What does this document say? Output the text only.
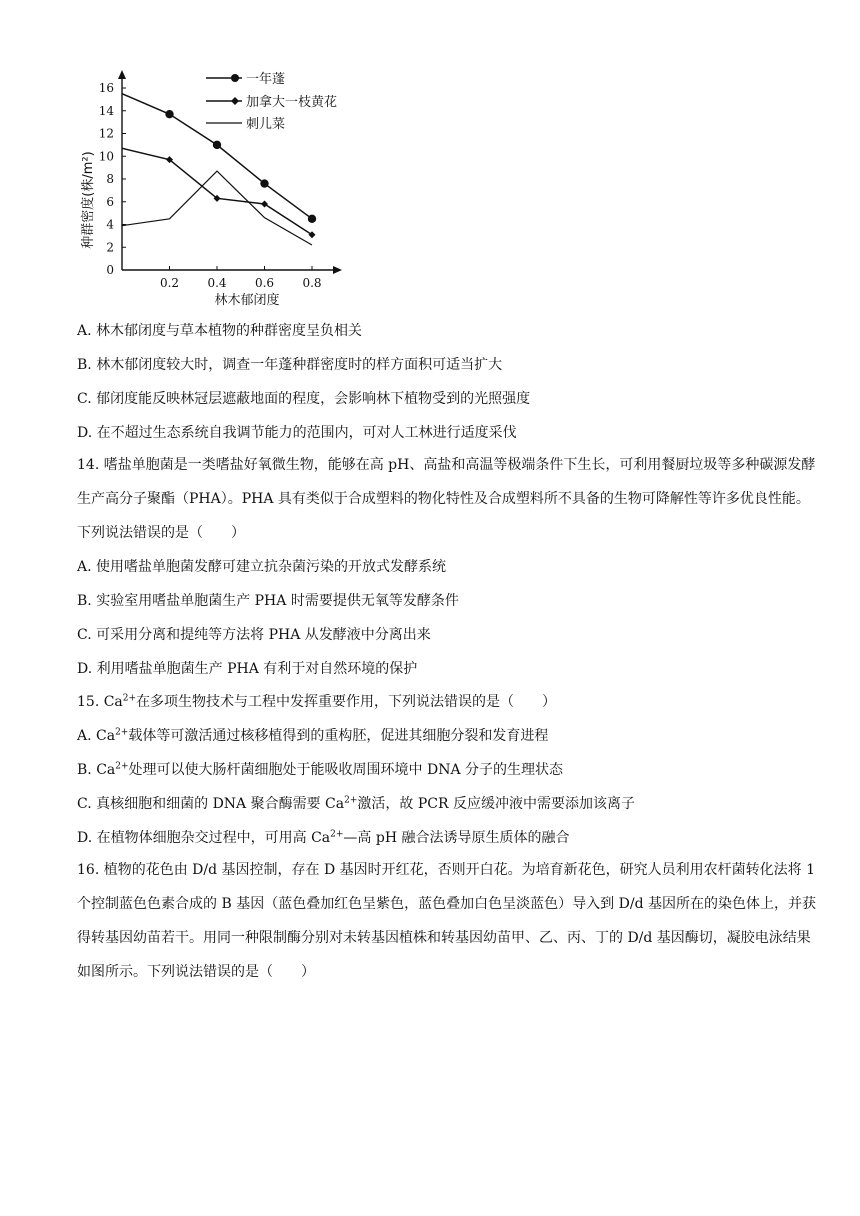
0
2
4
6
8
10
12
14
16
0.2 0.4 0.6 0.8
种群密度(株/m²)
林木郁闭度
一年蓬
加拿大一枝黄花
刺儿菜
A. 林木郁闭度与草本植物的种群密度呈负相关
B. 林木郁闭度较大时，调查一年蓬种群密度时的样方面积可适当扩大
C. 郁闭度能反映林冠层遮蔽地面的程度，会影响林下植物受到的光照强度
D. 在不超过生态系统自我调节能力的范围内，可对人工林进行适度采伐

14. 嗜盐单胞菌是一类嗜盐好氧微生物，能够在高 pH、高盐和高温等极端条件下生长，可利用餐厨垃圾等多种碳源发酵生产高分子聚酯（PHA）。PHA 具有类似于合成塑料的物化特性及合成塑料所不具备的生物可降解性等许多优良性能。下列说法错误的是（　　）

A. 使用嗜盐单胞菌发酵可建立抗杂菌污染的开放式发酵系统
B. 实验室用嗜盐单胞菌生产 PHA 时需要提供无氧等发酵条件
C. 可采用分离和提纯等方法将 PHA 从发酵液中分离出来
D. 利用嗜盐单胞菌生产 PHA 有利于对自然环境的保护
15. $Ca^{2+}$在多项生物技术与工程中发挥重要作用，下列说法错误的是（　　）
A. $Ca^{2+}$载体等可激活通过核移植得到的重构胚，促进其细胞分裂和发育进程
B. $Ca^{2+}$处理可以使大肠杆菌细胞处于能吸收周围环境中 DNA 分子的生理状态
C. 真核细胞和细菌的 DNA 聚合酶需要 $Ca^{2+}$激活，故 PCR 反应缓冲液中需要添加该离子
D. 在植物体细胞杂交过程中，可用高 $Ca^{2+}—$高 pH 融合法诱导原生质体的融合

16. 植物的花色由 D/d 基因控制，存在 D 基因时开红花，否则开白花。为培育新花色，研究人员利用农杆菌转化法将 1 个控制蓝色色素合成的 B 基因（蓝色叠加红色呈紫色，蓝色叠加白色呈淡蓝色）导入到 D/d 基因所在的染色体上，并获得转基因幼苗若干。用同一种限制酶分别对未转基因植株和转基因幼苗甲、乙、丙、丁的 D/d 基因酶切，凝胶电泳结果如图所示。下列说法错误的是（　　）
